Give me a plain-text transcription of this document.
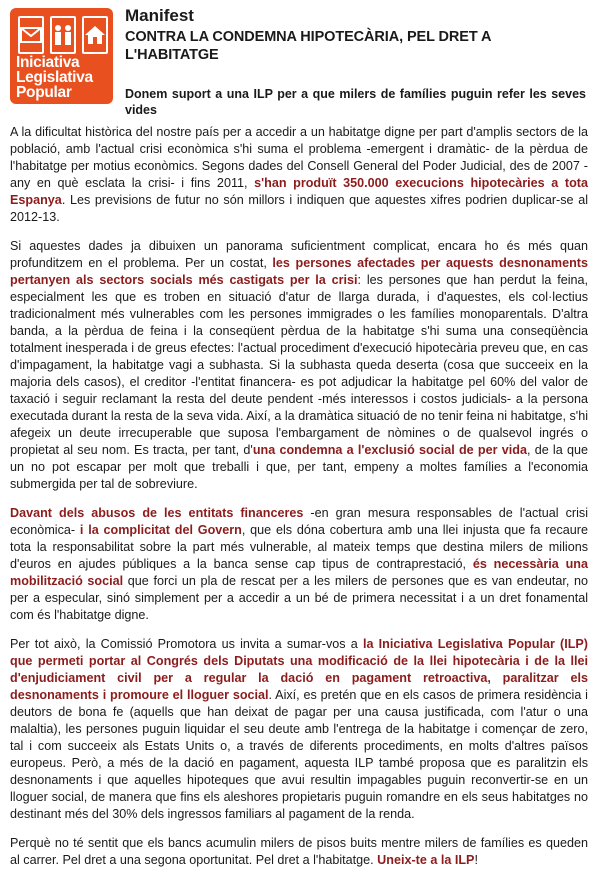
Iniciativa
Legislativa
Popular
Manifest
CONTRA LA CONDEMNA HIPOTECÀRIA, PEL DRET A L'HABITATGE
Donem suport a una ILP per a que milers de famílies puguin refer les seves vides

A la dificultat històrica del nostre país per a accedir a un habitatge digne per part d'amplis sectors de la població, amb l'actual crisi econòmica s'hi suma el problema -emergent i dramàtic- de la pèrdua de l'habitatge per motius econòmics. Segons dades del Consell General del Poder Judicial, des de 2007 -any en què esclata la crisi- i fins 2011, s'han produït 350.000 execucions hipotecàries a tota Espanya. Les previsions de futur no són millors i indiquen que aquestes xifres podrien duplicar-se al 2012-13.

Si aquestes dades ja dibuixen un panorama suficientment complicat, encara ho és més quan profunditzem en el problema. Per un costat, les persones afectades per aquests desnonaments pertanyen als sectors socials més castigats per la crisi: les persones que han perdut la feina, especialment les que es troben en situació d'atur de llarga durada, i d'aquestes, els col·lectius tradicionalment més vulnerables com les persones immigrades o les famílies monoparentals. D'altra banda, a la pèrdua de feina i la conseqüent pèrdua de la habitatge s'hi suma una conseqüència totalment inesperada i de greus efectes: l'actual procediment d'execució hipotecària preveu que, en cas d'impagament, la habitatge vagi a subhasta. Si la subhasta queda deserta (cosa que succeeix en la majoria dels casos), el creditor -l'entitat financera- es pot adjudicar la habitatge pel 60% del valor de taxació i seguir reclamant la resta del deute pendent -més interessos i costos judicials- a la persona executada durant la resta de la seva vida. Així, a la dramàtica situació de no tenir feina ni habitatge, s'hi afegeix un deute irrecuperable que suposa l'embargament de nòmines o de qualsevol ingrés o propietat al seu nom. Es tracta, per tant, d'una condemna a l'exclusió social de per vida, de la que un no pot escapar per molt que treballi i que, per tant, empeny a moltes famílies a l'economia submergida per tal de sobreviure.

Davant dels abusos de les entitats financeres -en gran mesura responsables de l'actual crisi econòmica- i la complicitat del Govern, que els dóna cobertura amb una llei injusta que fa recaure tota la responsabilitat sobre la part més vulnerable, al mateix temps que destina milers de milions d'euros en ajudes públiques a la banca sense cap tipus de contraprestació, és necessària una mobilització social que forci un pla de rescat per a les milers de persones que es van endeutar, no per a especular, sinó simplement per a accedir a un bé de primera necessitat i a un dret fonamental com és l'habitatge digne.

Per tot això, la Comissió Promotora us invita a sumar-vos a la Iniciativa Legislativa Popular (ILP) que permeti portar al Congrés dels Diputats una modificació de la llei hipotecària i de la llei d'enjudiciament civil per a regular la dació en pagament retroactiva, paralitzar els desnonaments i promoure el lloguer social. Així, es pretén que en els casos de primera residència i deutors de bona fe (aquells que han deixat de pagar per una causa justificada, com l'atur o una malaltia), les persones puguin liquidar el seu deute amb l'entrega de la habitatge i començar de zero, tal i com succeeix als Estats Units o, a través de diferents procediments, en molts d'altres països europeus. Però, a més de la dació en pagament, aquesta ILP també proposa que es paralitzin els desnonaments i que aquelles hipoteques que avui resultin impagables puguin reconvertir-se en un lloguer social, de manera que fins els aleshores propietaris puguin romandre en els seus habitatges no destinant més del 30% dels ingressos familiars al pagament de la renda.

Perquè no té sentit que els bancs acumulin milers de pisos buits mentre milers de famílies es queden al carrer. Pel dret a una segona oportunitat. Pel dret a l'habitatge. Uneix-te a la ILP!
